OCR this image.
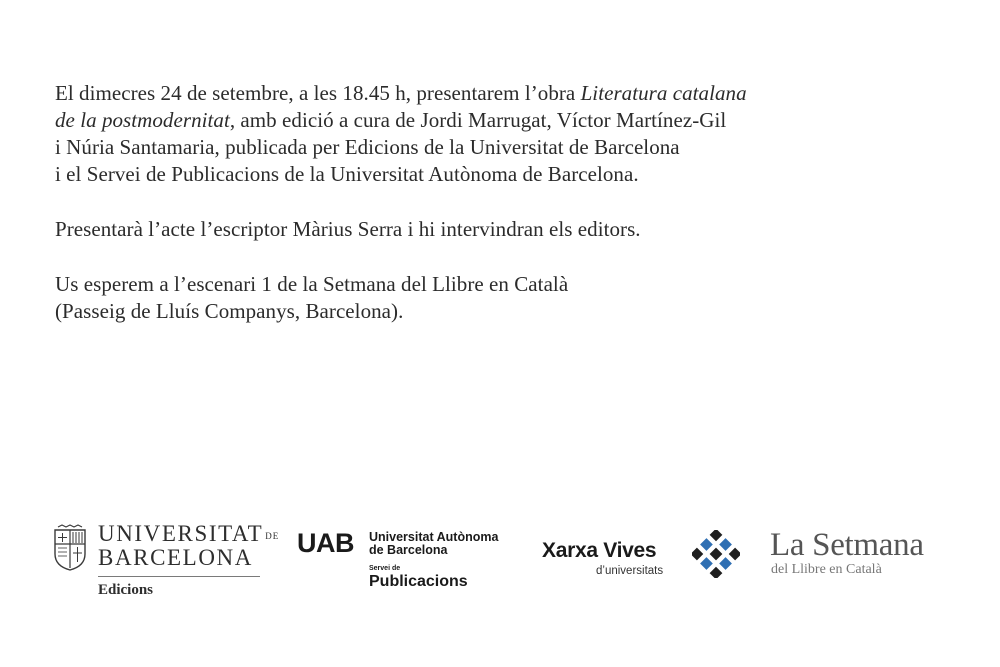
El dimecres 24 de setembre, a les 18.45 h, presentarem l’obra Literatura catalana
de la postmodernitat, amb edició a cura de Jordi Marrugat, Víctor Martínez-Gil
i Núria Santamaria, publicada per Edicions de la Universitat de Barcelona
i el Servei de Publicacions de la Universitat Autònoma de Barcelona.

Presentarà l’acte l’escriptor Màrius Serra i hi intervindran els editors.

Us esperem a l’escenari 1 de la Setmana del Llibre en Català
(Passeig de Lluís Companys, Barcelona).

UNIVERSITAT DE
BARCELONA
Edicions
UAB Universitat Autònoma
de Barcelona
Servei de
Publicacions
Xarxa Vives
d’universitats
La Setmana
del Llibre en Català
